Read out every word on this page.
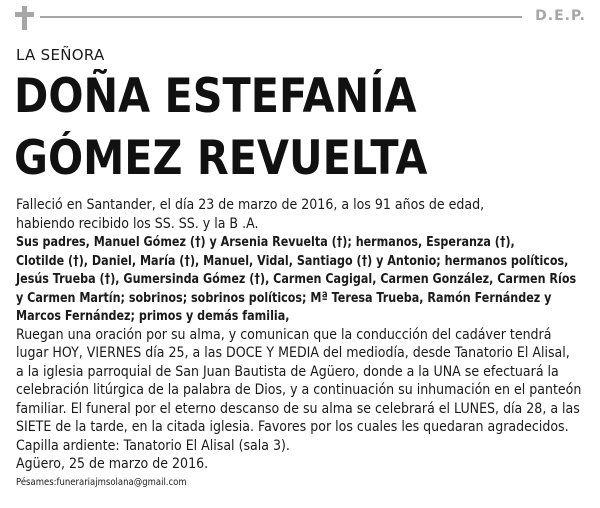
D.E.P.
LA SEÑORA
DOÑA ESTEFANÍA
GÓMEZ REVUELTA

Falleció en Santander, el día 23 de marzo de 2016, a los 91 años de edad,
habiendo recibido los SS. SS. y la B .A.

Sus padres, Manuel Gómez (†) y Arsenia Revuelta (†); hermanos, Esperanza (†),
Clotilde (†), Daniel, María (†), Manuel, Vidal, Santiago (†) y Antonio; hermanos políticos,
Jesús Trueba (†), Gumersinda Gómez (†), Carmen Cagigal, Carmen González, Carmen Ríos
y Carmen Martín; sobrinos; sobrinos políticos; Mª Teresa Trueba, Ramón Fernández y
Marcos Fernández; primos y demás familia,

Ruegan una oración por su alma, y comunican que la conducción del cadáver tendrá
lugar HOY, VIERNES día 25, a las DOCE Y MEDIA del mediodía, desde Tanatorio El Alisal,
a la iglesia parroquial de San Juan Bautista de Agüero, donde a la UNA se efectuará la
celebración litúrgica de la palabra de Dios, y a continuación su inhumación en el panteón
familiar. El funeral por el eterno descanso de su alma se celebrará el LUNES, día 28, a las
SIETE de la tarde, en la citada iglesia. Favores por los cuales les quedaran agradecidos.
Capilla ardiente: Tanatorio El Alisal (sala 3).

Agüero, 25 de marzo de 2016.
Pésames:funerariajmsolana@gmail.com
